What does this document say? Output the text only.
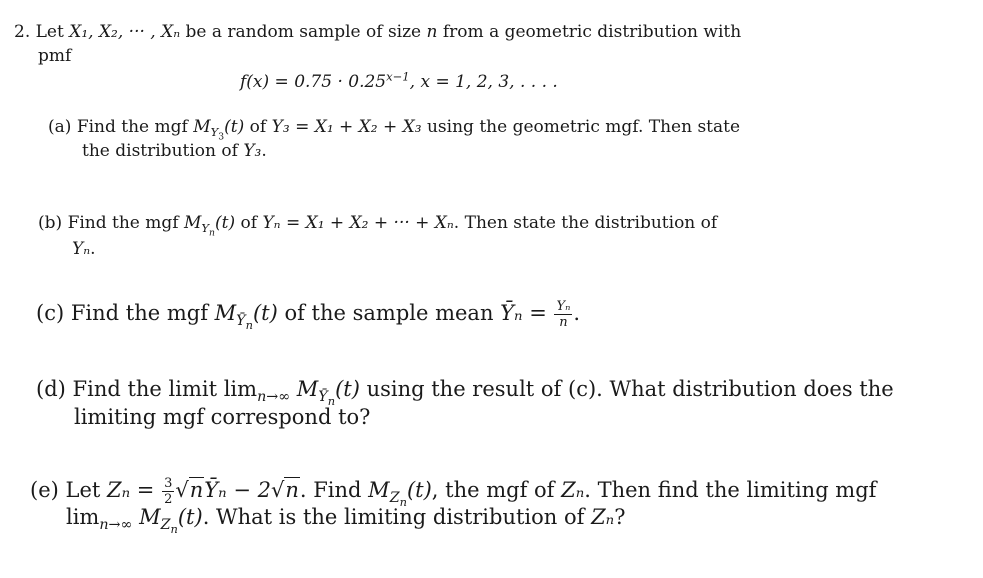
2. Let X₁, X₂, ··· , Xₙ be a random sample of size n from a geometric distribution with
pmf
$f(x) = 0.75 \cdot 0.25^{x-1}$, x = 1, 2, 3, . . . .
(a) Find the mgf $M_{Y_3}(t)$ of Y₃ = X₁ + X₂ + X₃ using the geometric mgf. Then state
the distribution of Y₃.
(b) Find the mgf $M_{Y_n}(t)$ of Yₙ = X₁ + X₂ + ··· + Xₙ. Then state the distribution of
Yₙ.
(c) Find the mgf $M_{Ȳ_n}(t)$ of the sample mean Ȳₙ = $\frac{\text{Yₙ}}{n}$ .
(d) Find the limit $\lim_{n\to\infty} M_{Ȳ_n}(t)$ using the result of (c). What distribution does the
limiting mgf correspond to?
(e) Let $Z_n = \frac{3}{2}$ √nȲₙ − 2√n. Find $M_{Z_n}(t)$, the mgf of Zₙ. Then find the limiting mgf
$\lim_{n\to\infty} M_{Z_n}(t)$. What is the limiting distribution of Zₙ?
